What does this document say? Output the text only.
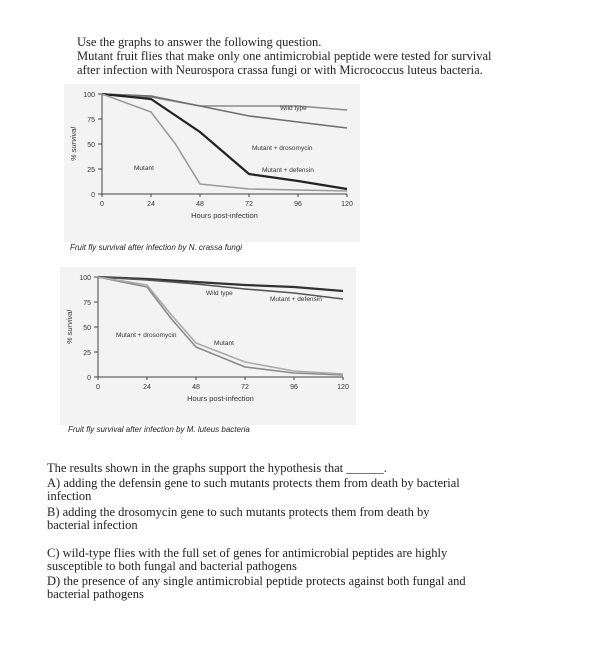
Use the graphs to answer the following question.
Mutant fruit flies that make only one antimicrobial peptide were tested for survival
after infection with Neurospora crassa fungi or with Micrococcus luteus bacteria.
0
25
50
75
100
0	24	48	72	96	120
Hours post-infection
% survival
Wild type
Mutant + drosomycin
Mutant + defensin
Mutant
Fruit fly survival after infection by N. crassa fungi
0
25
50
75
100
0	24	48	72	96	120
Hours post-infection
% survival
Wild type
Mutant + defensin
Mutant + drosomycin
Mutant
Fruit fly survival after infection by M. luteus bacteria
The results shown in the graphs support the hypothesis that ______.
A) adding the defensin gene to such mutants protects them from death by bacterial
infection
B) adding the drosomycin gene to such mutants protects them from death by
bacterial infection
C) wild-type flies with the full set of genes for antimicrobial peptides are highly
susceptible to both fungal and bacterial pathogens
D) the presence of any single antimicrobial peptide protects against both fungal and
bacterial pathogens
